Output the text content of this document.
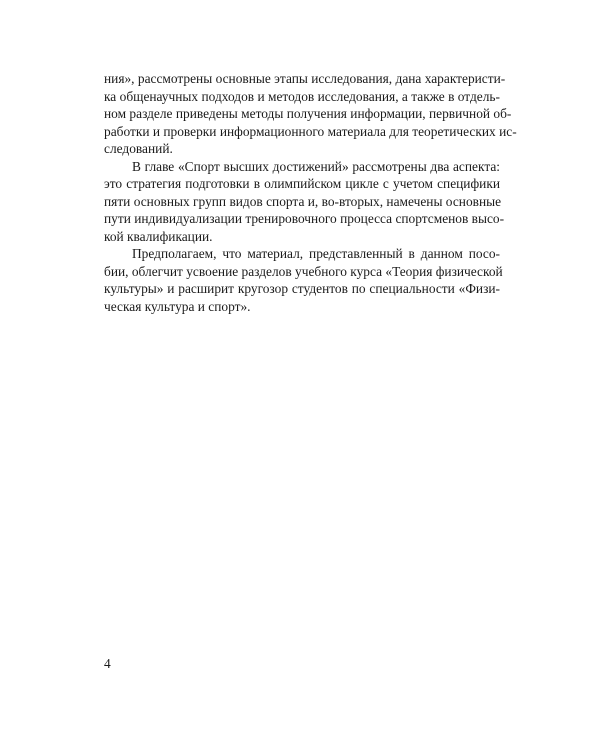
ния», рассмотрены основные этапы исследования, дана характеристи-
ка общенаучных подходов и методов исследования, а также в отдель-
ном разделе приведены методы получения информации, первичной об-
работки и проверки информационного материала для теоретических ис-
следований.

В главе «Спорт высших достижений» рассмотрены два аспекта:
это стратегия подготовки в олимпийском цикле с учетом специфики
пяти основных групп видов спорта и, во-вторых, намечены основные
пути индивидуализации тренировочного процесса спортсменов высо-
кой квалификации.

Предполагаем, что материал, представленный в данном посо-
бии, облегчит усвоение разделов учебного курса «Теория физической
культуры» и расширит кругозор студентов по специальности «Физи-
ческая культура и спорт».

4
